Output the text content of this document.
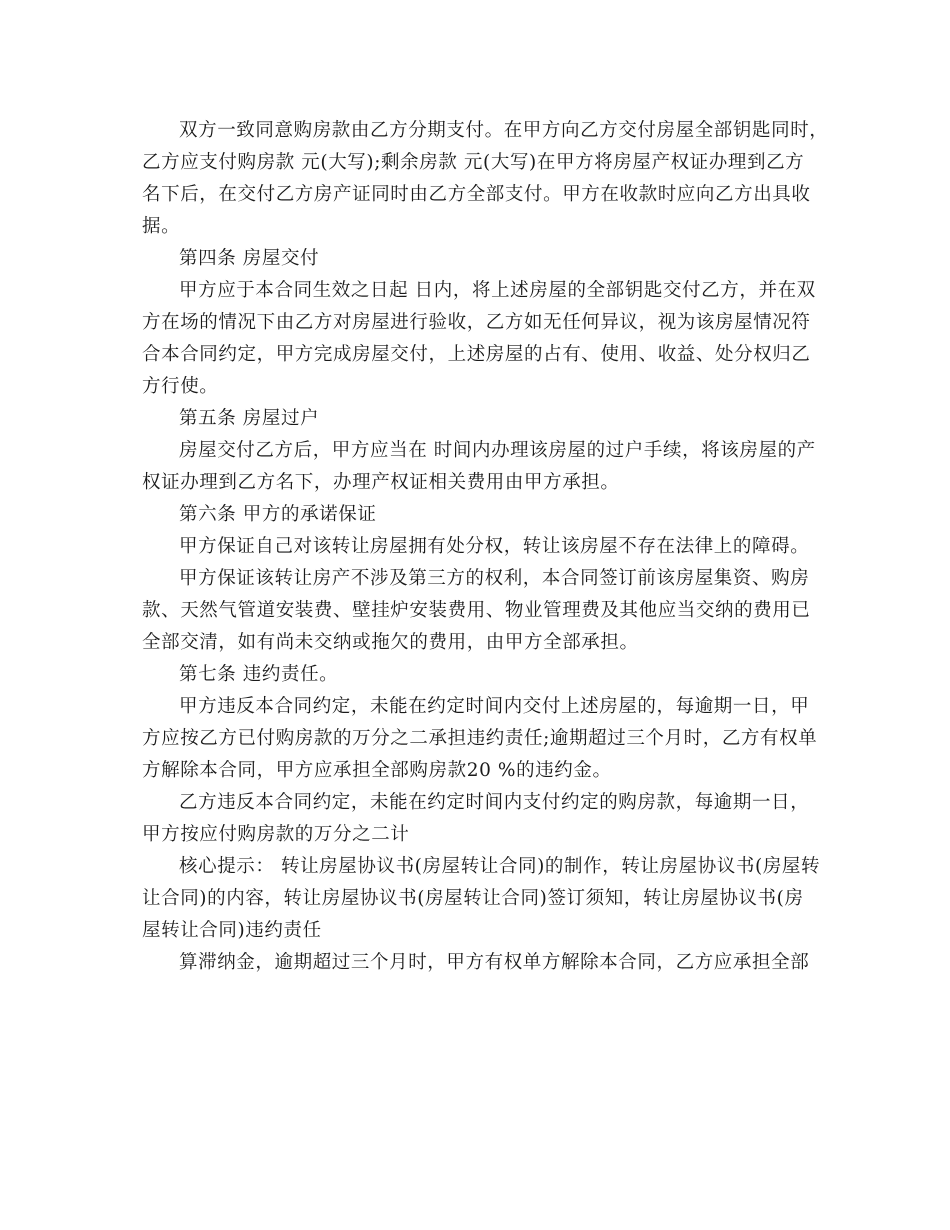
双方一致同意购房款由乙方分期支付。在甲方向乙方交付房屋全部钥匙同时，
乙方应支付购房款 元(大写);剩余房款 元(大写)在甲方将房屋产权证办理到乙方
名下后，在交付乙方房产证同时由乙方全部支付。甲方在收款时应向乙方出具收
据。
第四条 房屋交付
甲方应于本合同生效之日起 日内，将上述房屋的全部钥匙交付乙方，并在双
方在场的情况下由乙方对房屋进行验收，乙方如无任何异议，视为该房屋情况符
合本合同约定，甲方完成房屋交付，上述房屋的占有、使用、收益、处分权归乙
方行使。
第五条 房屋过户
房屋交付乙方后，甲方应当在 时间内办理该房屋的过户手续，将该房屋的产
权证办理到乙方名下，办理产权证相关费用由甲方承担。
第六条 甲方的承诺保证
甲方保证自己对该转让房屋拥有处分权，转让该房屋不存在法律上的障碍。
甲方保证该转让房产不涉及第三方的权利，本合同签订前该房屋集资、购房
款、天然气管道安装费、壁挂炉安装费用、物业管理费及其他应当交纳的费用已
全部交清，如有尚未交纳或拖欠的费用，由甲方全部承担。
第七条 违约责任。
甲方违反本合同约定，未能在约定时间内交付上述房屋的，每逾期一日，甲
方应按乙方已付购房款的万分之二承担违约责任;逾期超过三个月时，乙方有权单
方解除本合同，甲方应承担全部购房款20 %的违约金。
乙方违反本合同约定，未能在约定时间内支付约定的购房款，每逾期一日，
甲方按应付购房款的万分之二计
核心提示： 转让房屋协议书(房屋转让合同)的制作，转让房屋协议书(房屋转
让合同)的内容，转让房屋协议书(房屋转让合同)签订须知，转让房屋协议书(房
屋转让合同)违约责任
算滞纳金，逾期超过三个月时，甲方有权单方解除本合同，乙方应承担全部
